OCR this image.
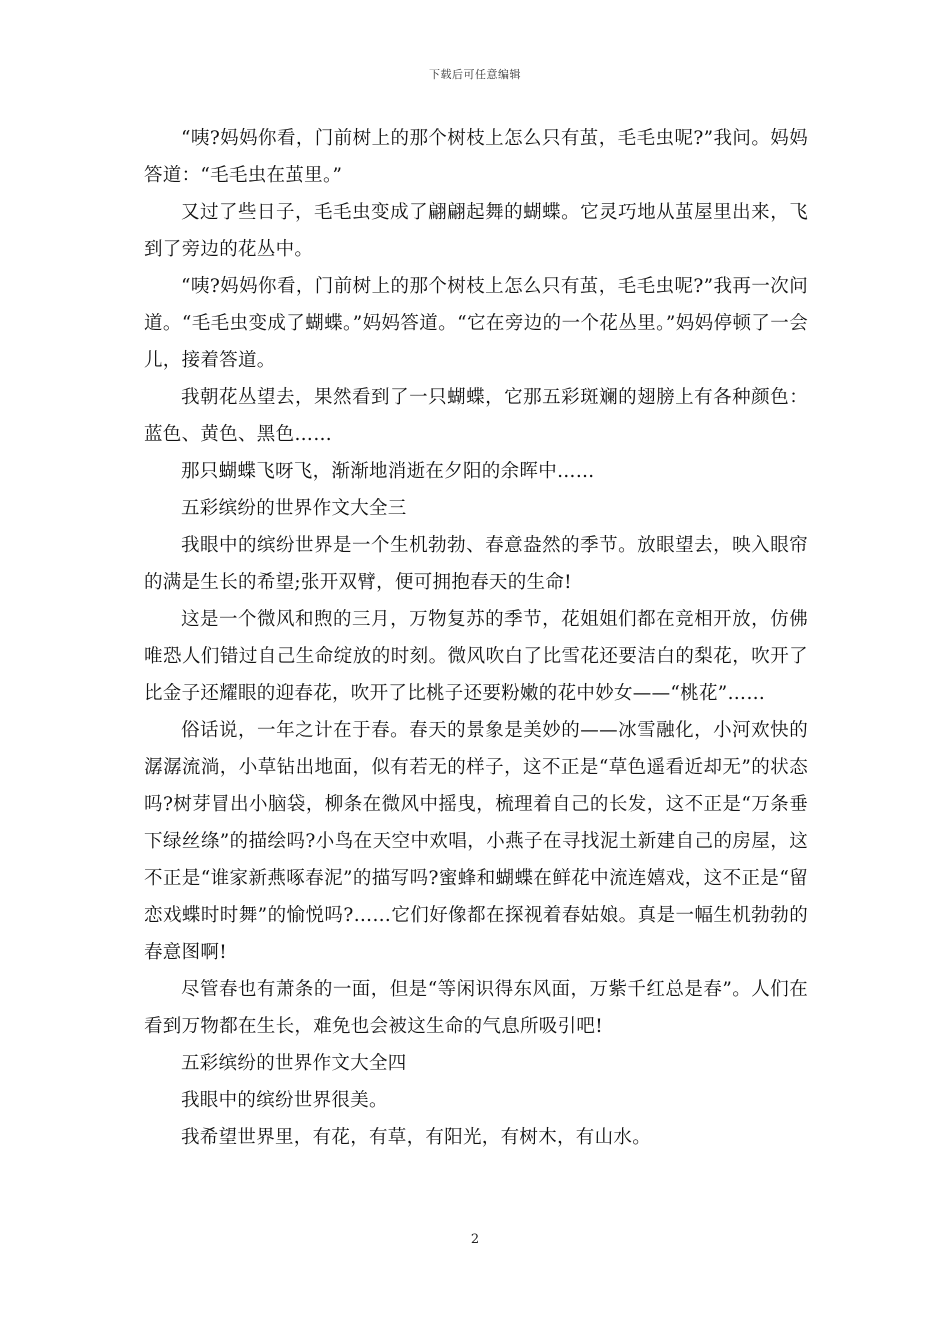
下载后可任意编辑

“咦?妈妈你看，门前树上的那个树枝上怎么只有茧，毛毛虫呢?”我问。妈妈答道：“毛毛虫在茧里。”

又过了些日子，毛毛虫变成了翩翩起舞的蝴蝶。它灵巧地从茧屋里出来，飞到了旁边的花丛中。

“咦?妈妈你看，门前树上的那个树枝上怎么只有茧，毛毛虫呢?”我再一次问道。“毛毛虫变成了蝴蝶。”妈妈答道。“它在旁边的一个花丛里。”妈妈停顿了一会儿，接着答道。

我朝花丛望去，果然看到了一只蝴蝶，它那五彩斑斓的翅膀上有各种颜色：蓝色、黄色、黑色……

那只蝴蝶飞呀飞，渐渐地消逝在夕阳的余晖中……

五彩缤纷的世界作文大全三

我眼中的缤纷世界是一个生机勃勃、春意盎然的季节。放眼望去，映入眼帘的满是生长的希望;张开双臂，便可拥抱春天的生命!

这是一个微风和煦的三月，万物复苏的季节，花姐姐们都在竞相开放，仿佛唯恐人们错过自己生命绽放的时刻。微风吹白了比雪花还要洁白的梨花，吹开了比金子还耀眼的迎春花，吹开了比桃子还要粉嫩的花中妙女——“桃花”……

俗话说，一年之计在于春。春天的景象是美妙的——冰雪融化，小河欢快的潺潺流淌，小草钻出地面，似有若无的样子，这不正是“草色遥看近却无”的状态吗?树芽冒出小脑袋，柳条在微风中摇曳，梳理着自己的长发，这不正是“万条垂下绿丝绦”的描绘吗?小鸟在天空中欢唱，小燕子在寻找泥土新建自己的房屋，这不正是“谁家新燕啄春泥”的描写吗?蜜蜂和蝴蝶在鲜花中流连嬉戏，这不正是“留恋戏蝶时时舞”的愉悦吗?……它们好像都在探视着春姑娘。真是一幅生机勃勃的春意图啊!

尽管春也有萧条的一面，但是“等闲识得东风面，万紫千红总是春”。人们在看到万物都在生长，难免也会被这生命的气息所吸引吧!

五彩缤纷的世界作文大全四

我眼中的缤纷世界很美。

我希望世界里，有花，有草，有阳光，有树木，有山水。

2
